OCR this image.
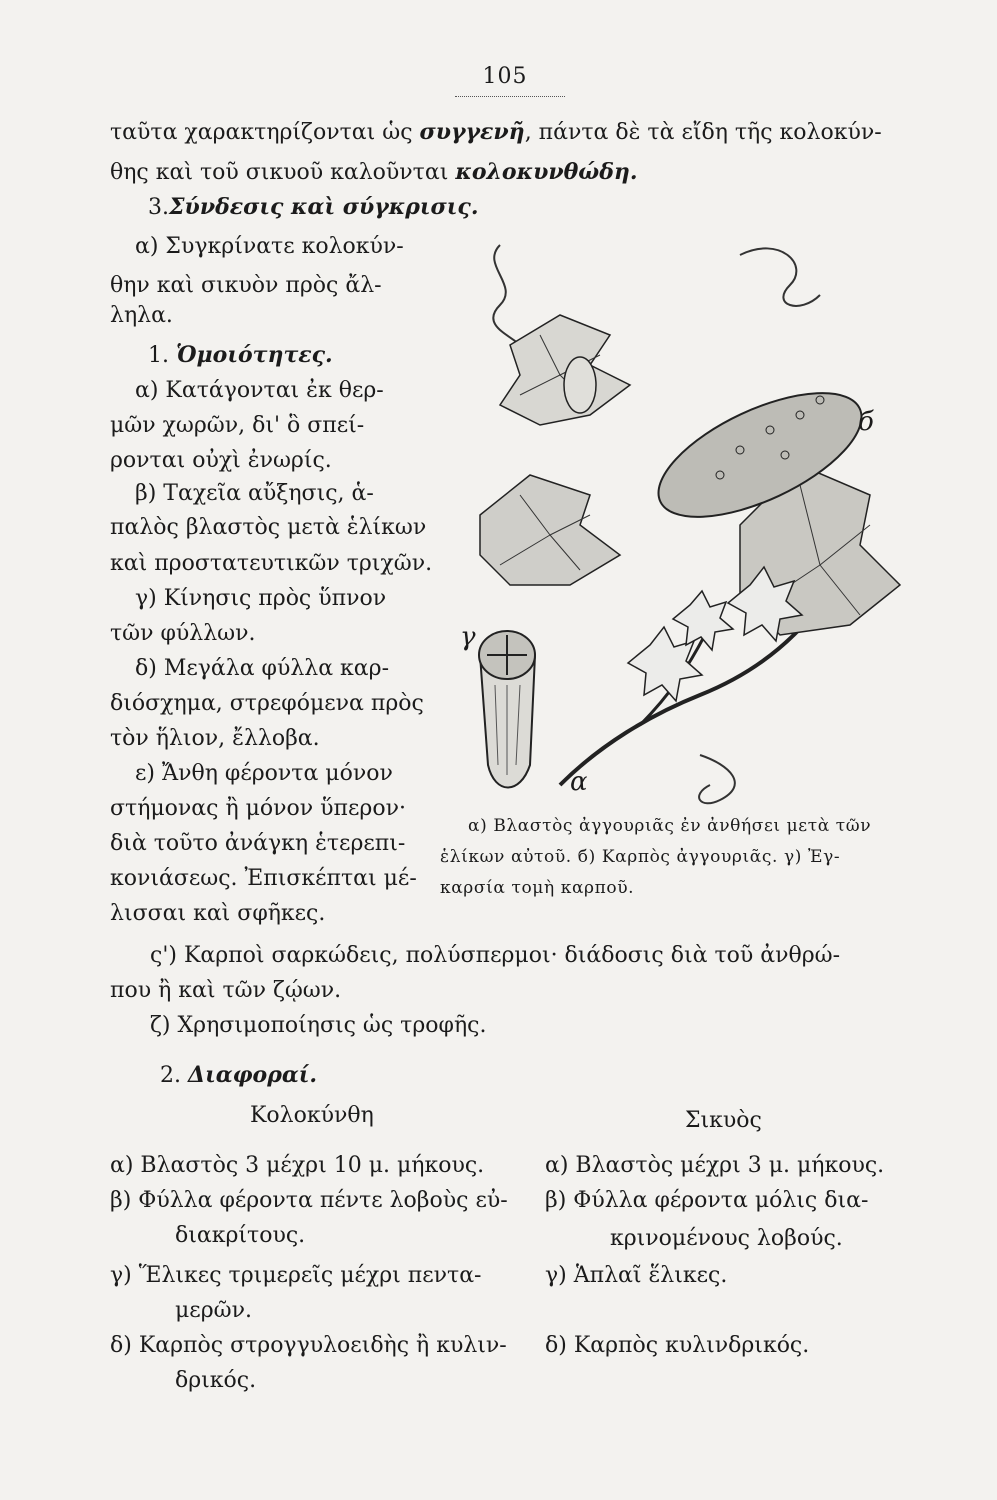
105
ταῦτα χαρακτηρίζονται ὡς συγγενῆ, πάντα δὲ τὰ εἴδη τῆς κολοκύν-
θης καὶ τοῦ σικυοῦ καλοῦνται κολοκυνθώδη.
3.Σύνδεσις καὶ σύγκρισις.
α) Συγκρίνατε κολοκύν-
θην καὶ σικυὸν πρὸς ἄλ-
ληλα.
1. Ὁμοιότητες.
α) Κατάγονται ἐκ θερ-
μῶν χωρῶν, δι' ὃ σπεί-
ρονται οὐχὶ ἐνωρίς.
β) Ταχεῖα αὔξησις, ἁ-
παλὸς βλαστὸς μετὰ ἑλίκων
καὶ προστατευτικῶν τριχῶν.
γ) Κίνησις πρὸς ὕπνον
τῶν φύλλων.
δ) Μεγάλα φύλλα καρ-
διόσχημα, στρεφόμενα πρὸς
τὸν ἥλιον, ἔλλοβα.
ε) Ἄνθη φέροντα μόνον
στήμονας ἢ μόνον ὕπερον·
διὰ τοῦτο ἀνάγκη ἑτερεπι-
κονιάσεως. Ἐπισκέπται μέ-
λισσαι καὶ σφῆκες.
б
γ
α
α) Βλαστὸς ἀγγουριᾶς ἐν ἀνθήσει μετὰ τῶν
ἑλίκων αὐτοῦ. б) Καρπὸς ἀγγουριᾶς. γ) Ἐγ-
καρσία τομὴ καρποῦ.
ς') Καρποὶ σαρκώδεις, πολύσπερμοι· διάδοσις διὰ τοῦ ἀνθρώ-
που ἢ καὶ τῶν ζῴων.
ζ) Χρησιμοποίησις ὡς τροφῆς.
2. Διαφοραί.
Κολοκύνθη	Σικυὸς
α) Βλαστὸς 3 μέχρι 10 μ. μήκους.
β) Φύλλα φέροντα πέντε λοβοὺς εὐ-
διακρίτους.
γ) Ἕλικες τριμερεῖς μέχρι πεντα-
μερῶν.
δ) Καρπὸς στρογγυλοειδὴς ἢ κυλιν-
δρικός.
α) Βλαστὸς μέχρι 3 μ. μήκους.
β) Φύλλα φέροντα μόλις δια-
κρινομένους λοβούς.
γ) Ἁπλαῖ ἕλικες.
δ) Καρπὸς κυλινδρικός.
